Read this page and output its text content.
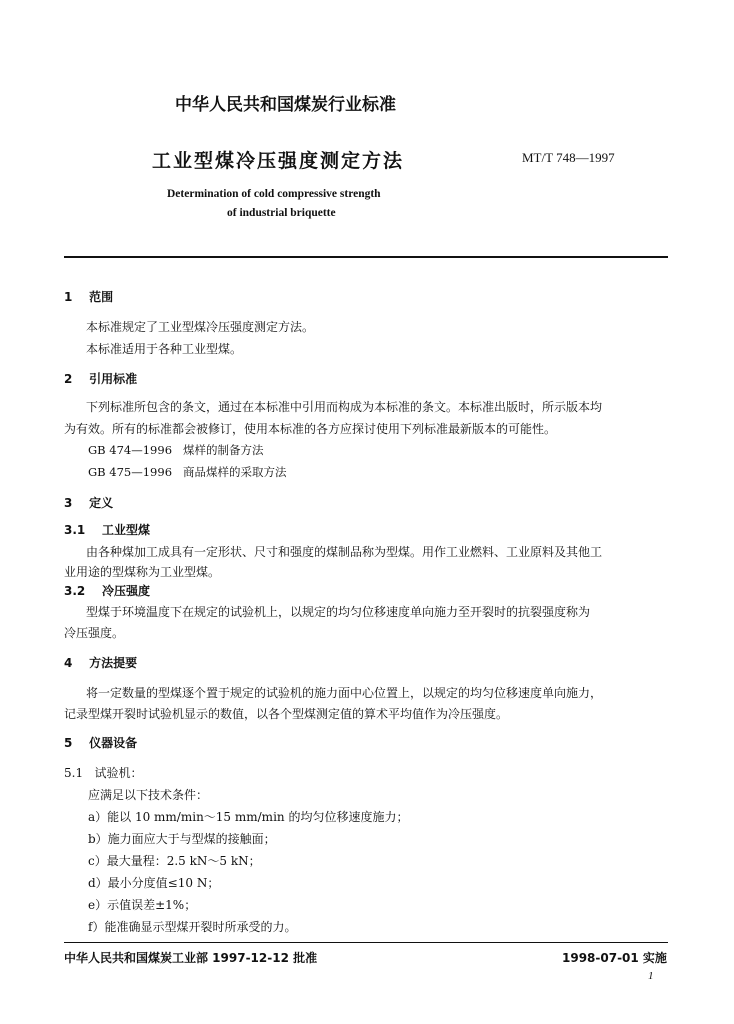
中华人民共和国煤炭行业标准
工业型煤冷压强度测定方法	MT/T 748—1997
Determination of cold compressive strength
of industrial briquette
1 范围
本标准规定了工业型煤冷压强度测定方法。
本标准适用于各种工业型煤。
2 引用标准
下列标准所包含的条文，通过在本标准中引用而构成为本标准的条文。本标准出版时，所示版本均
为有效。所有的标准都会被修订，使用本标准的各方应探讨使用下列标准最新版本的可能性。
GB 474—1996 煤样的制备方法
GB 475—1996 商品煤样的采取方法
3 定义
3.1 工业型煤
由各种煤加工成具有一定形状、尺寸和强度的煤制品称为型煤。用作工业燃料、工业原料及其他工
业用途的型煤称为工业型煤。
3.2 冷压强度
型煤于环境温度下在规定的试验机上，以规定的均匀位移速度单向施力至开裂时的抗裂强度称为
冷压强度。
4 方法提要
将一定数量的型煤逐个置于规定的试验机的施力面中心位置上，以规定的均匀位移速度单向施力，
记录型煤开裂时试验机显示的数值，以各个型煤测定值的算术平均值作为冷压强度。
5 仪器设备
5.1 试验机：
应满足以下技术条件：
a）能以 10 mm/min～15 mm/min 的均匀位移速度施力；
b）施力面应大于与型煤的接触面；
c）最大量程：2.5 kN～5 kN；
d）最小分度值≤10 N；
e）示值误差±1%；
f）能准确显示型煤开裂时所承受的力。
中华人民共和国煤炭工业部 1997-12-12 批准	1998-07-01 实施
1
